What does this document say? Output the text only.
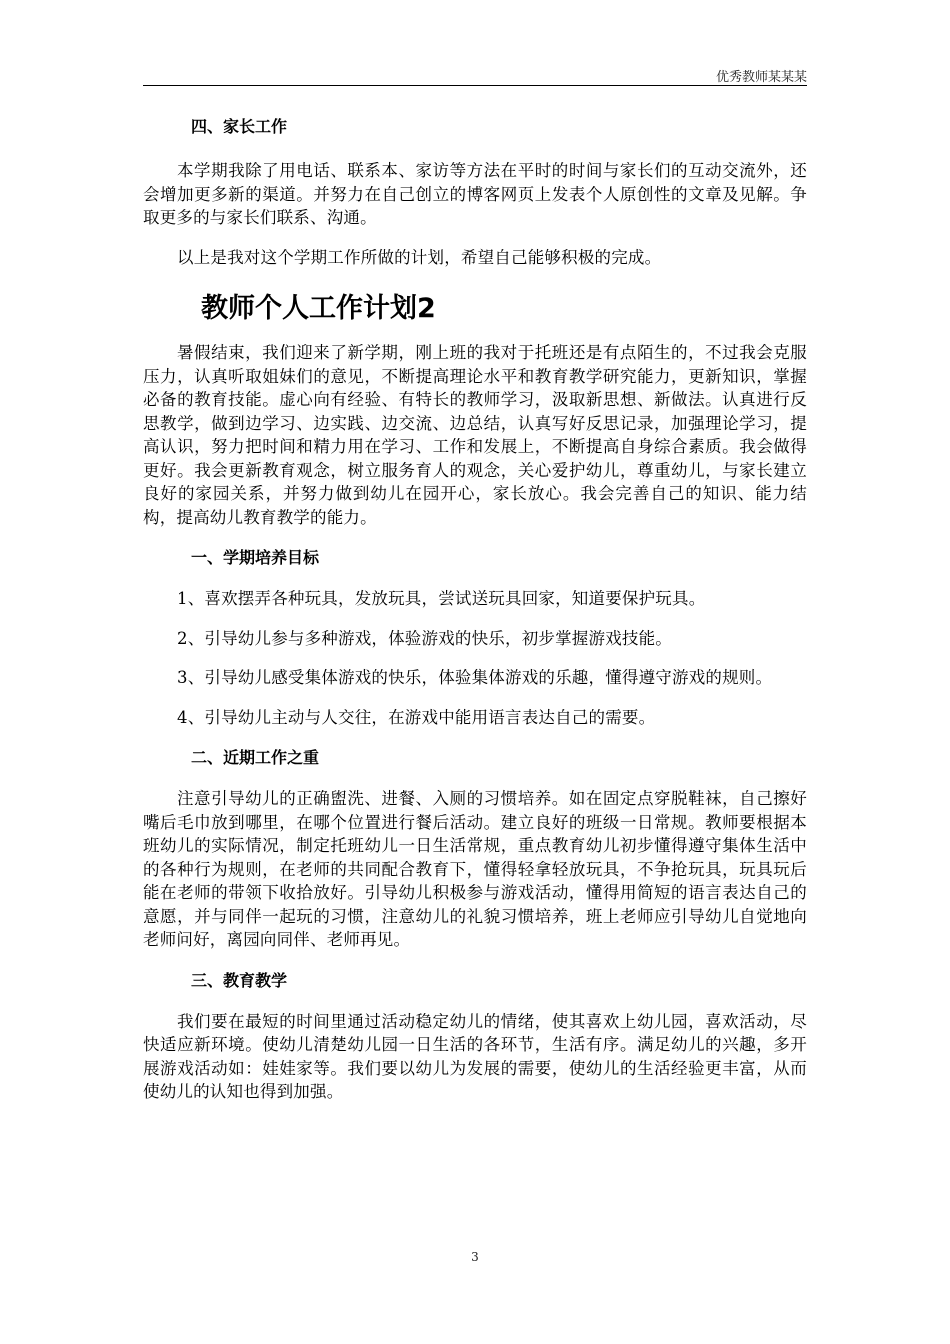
优秀教师某某某

四、家长工作

本学期我除了用电话、联系本、家访等方法在平时的时间与家长们的互动交流外，还会增加更多新的渠道。并努力在自己创立的博客网页上发表个人原创性的文章及见解。争取更多的与家长们联系、沟通。

以上是我对这个学期工作所做的计划，希望自己能够积极的完成。

教师个人工作计划2

暑假结束，我们迎来了新学期，刚上班的我对于托班还是有点陌生的，不过我会克服压力，认真听取姐妹们的意见，不断提高理论水平和教育教学研究能力，更新知识，掌握必备的教育技能。虚心向有经验、有特长的教师学习，汲取新思想、新做法。认真进行反思教学，做到边学习、边实践、边交流、边总结，认真写好反思记录，加强理论学习，提高认识，努力把时间和精力用在学习、工作和发展上，不断提高自身综合素质。我会做得更好。我会更新教育观念，树立服务育人的观念，关心爱护幼儿，尊重幼儿，与家长建立良好的家园关系，并努力做到幼儿在园开心，家长放心。我会完善自己的知识、能力结构，提高幼儿教育教学的能力。

一、学期培养目标

1、喜欢摆弄各种玩具，发放玩具，尝试送玩具回家，知道要保护玩具。

2、引导幼儿参与多种游戏，体验游戏的快乐，初步掌握游戏技能。

3、引导幼儿感受集体游戏的快乐，体验集体游戏的乐趣，懂得遵守游戏的规则。

4、引导幼儿主动与人交往，在游戏中能用语言表达自己的需要。

二、近期工作之重

注意引导幼儿的正确盥洗、进餐、入厕的习惯培养。如在固定点穿脱鞋袜，自己擦好嘴后毛巾放到哪里，在哪个位置进行餐后活动。建立良好的班级一日常规。教师要根据本班幼儿的实际情况，制定托班幼儿一日生活常规，重点教育幼儿初步懂得遵守集体生活中的各种行为规则，在老师的共同配合教育下，懂得轻拿轻放玩具，不争抢玩具，玩具玩后能在老师的带领下收拾放好。引导幼儿积极参与游戏活动，懂得用简短的语言表达自己的意愿，并与同伴一起玩的习惯，注意幼儿的礼貌习惯培养，班上老师应引导幼儿自觉地向老师问好，离园向同伴、老师再见。

三、教育教学

我们要在最短的时间里通过活动稳定幼儿的情绪，使其喜欢上幼儿园，喜欢活动，尽快适应新环境。使幼儿清楚幼儿园一日生活的各环节，生活有序。满足幼儿的兴趣，多开展游戏活动如：娃娃家等。我们要以幼儿为发展的需要，使幼儿的生活经验更丰富，从而使幼儿的认知也得到加强。

3
